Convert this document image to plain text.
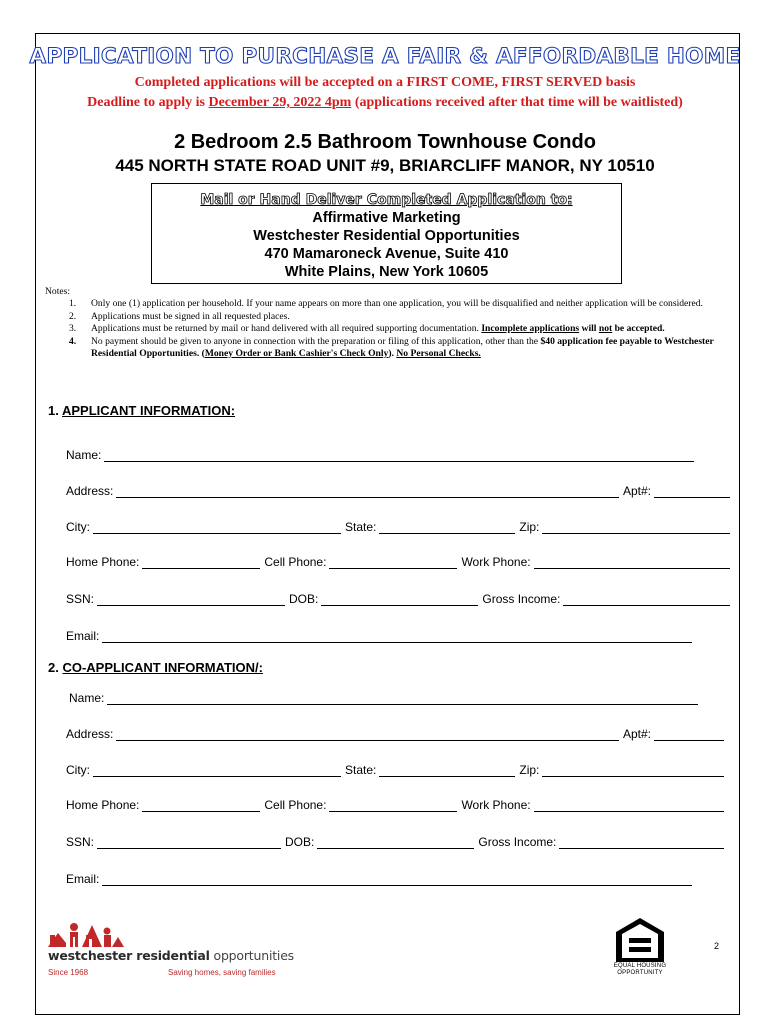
APPLICATION TO PURCHASE A FAIR & AFFORDABLE HOME
Completed applications will be accepted on a FIRST COME, FIRST SERVED basis
Deadline to apply is December 29, 2022 4pm (applications received after that time will be waitlisted)
2 Bedroom 2.5 Bathroom Townhouse Condo
445 NORTH STATE ROAD UNIT #9, BRIARCLIFF MANOR, NY 10510
Mail or Hand Deliver Completed Application to:
Affirmative Marketing
Westchester Residential Opportunities
470 Mamaroneck Avenue, Suite 410
White Plains, New York 10605
Notes:
1. Only one (1) application per household. If your name appears on more than one application, you will be disqualified and neither application will be considered.
2. Applications must be signed in all requested places.
3. Applications must be returned by mail or hand delivered with all required supporting documentation. Incomplete applications will not be accepted.
4. No payment should be given to anyone in connection with the preparation or filing of this application, other than the $40 application fee payable to Westchester Residential Opportunities. (Money Order or Bank Cashier's Check Only). No Personal Checks.
1. APPLICANT INFORMATION:
Name:
Address:	Apt#:
City:	State:	Zip:
Home Phone:	Cell Phone:	Work Phone:
SSN:	DOB:	Gross Income:
Email:
2. CO-APPLICANT INFORMATION/:
Name:
Address:	Apt#:
City:	State:	Zip:
Home Phone:	Cell Phone:	Work Phone:
SSN:	DOB:	Gross Income:
Email:
westchester residential opportunities
Since 1968	Saving homes, saving families
2
EQUAL HOUSING OPPORTUNITY
